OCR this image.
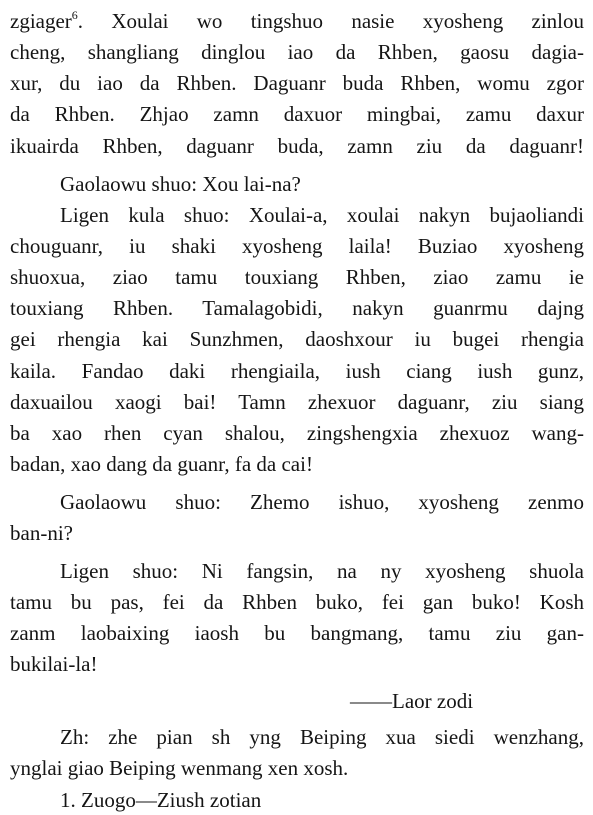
zgiager$^6$. Xoulai wo tingshuo nasie xyosheng zinlou
cheng, shangliang dinglou iao da Rhben, gaosu dagia-
xur, du iao da Rhben. Daguanr buda Rhben, womu zgor
da Rhben. Zhjao zamn daxuor mingbai, zamu daxur
ikuairda Rhben, daguanr buda, zamn ziu da daguanr!
Gaolaowu shuo: Xou lai-na?
Ligen kula shuo: Xoulai-a, xoulai nakyn bujaoliandi
chouguanr, iu shaki xyosheng laila! Buziao xyosheng
shuoxua, ziao tamu touxiang Rhben, ziao zamu ie
touxiang Rhben. Tamalagobidi, nakyn guanrmu dajng
gei rhengia kai Sunzhmen, daoshxour iu bugei rhengia
kaila. Fandao daki rhengiaila, iush ciang iush gunz,
daxuailou xaogi bai! Tamn zhexuor daguanr, ziu siang
ba xao rhen cyan shalou, zingshengxia zhexuoz wang-
badan, xao dang da guanr, fa da cai!
Gaolaowu shuo: Zhemo ishuo, xyosheng zenmo
ban-ni?
Ligen shuo: Ni fangsin, na ny xyosheng shuola
tamu bu pas, fei da Rhben buko, fei gan buko! Kosh
zanm laobaixing iaosh bu bangmang, tamu ziu gan-
bukilai-la!
——Laor zodi
Zh: zhe pian sh yng Beiping xua siedi wenzhang,
ynglai giao Beiping wenmang xen xosh.
1. Zuogo—Ziush zotian
